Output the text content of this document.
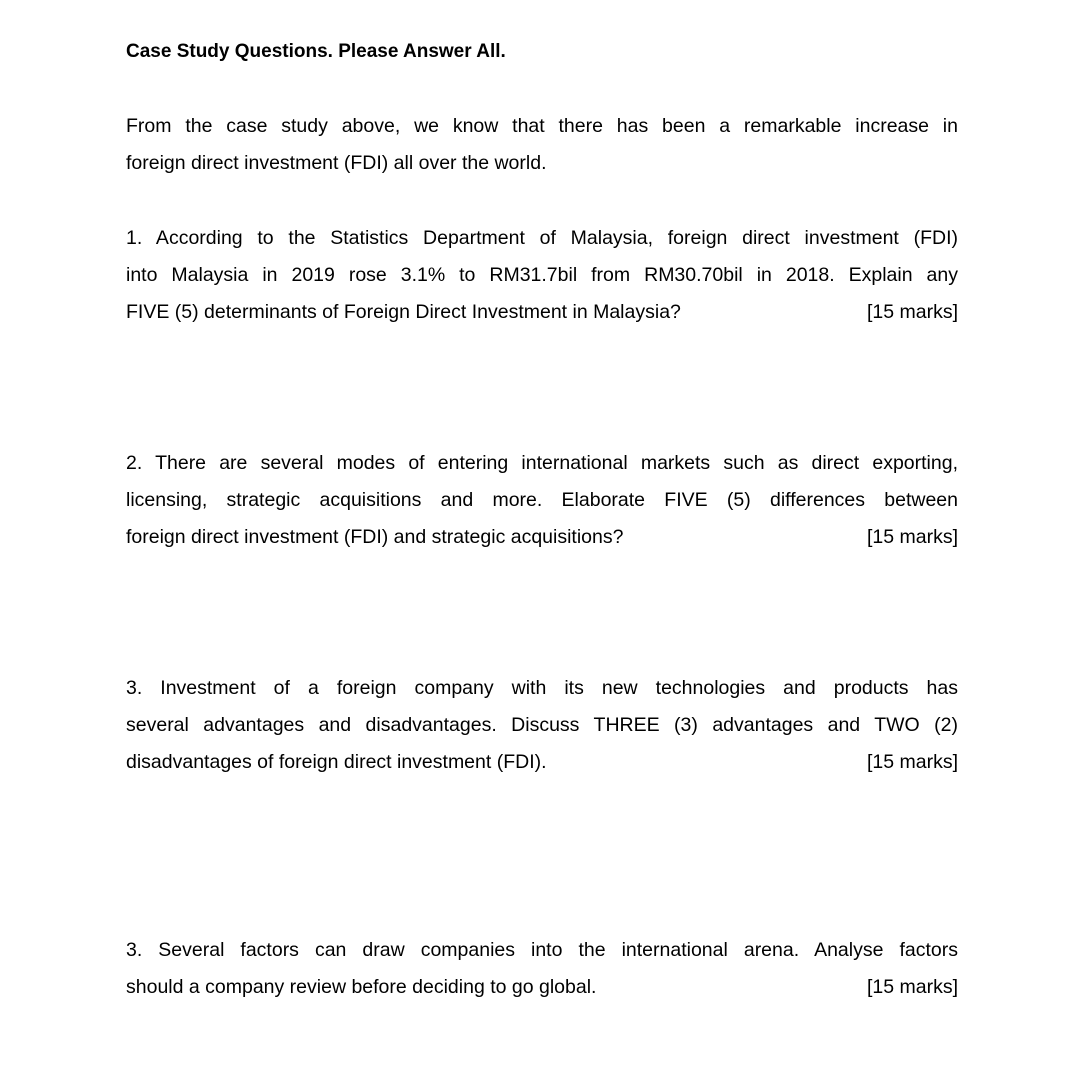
Case Study Questions. Please Answer All.
From the case study above, we know that there has been a remarkable increase in
foreign direct investment (FDI) all over the world.
1. According to the Statistics Department of Malaysia, foreign direct investment (FDI)
into Malaysia in 2019 rose 3.1% to RM31.7bil from RM30.70bil in 2018. Explain any
FIVE (5) determinants of Foreign Direct Investment in Malaysia?	[15 marks]
2. There are several modes of entering international markets such as direct exporting,
licensing, strategic acquisitions and more. Elaborate FIVE (5) differences between
foreign direct investment (FDI) and strategic acquisitions?	[15 marks]
3. Investment of a foreign company with its new technologies and products has
several advantages and disadvantages. Discuss THREE (3) advantages and TWO (2)
disadvantages of foreign direct investment (FDI).	[15 marks]
3. Several factors can draw companies into the international arena. Analyse factors
should a company review before deciding to go global.	[15 marks]
